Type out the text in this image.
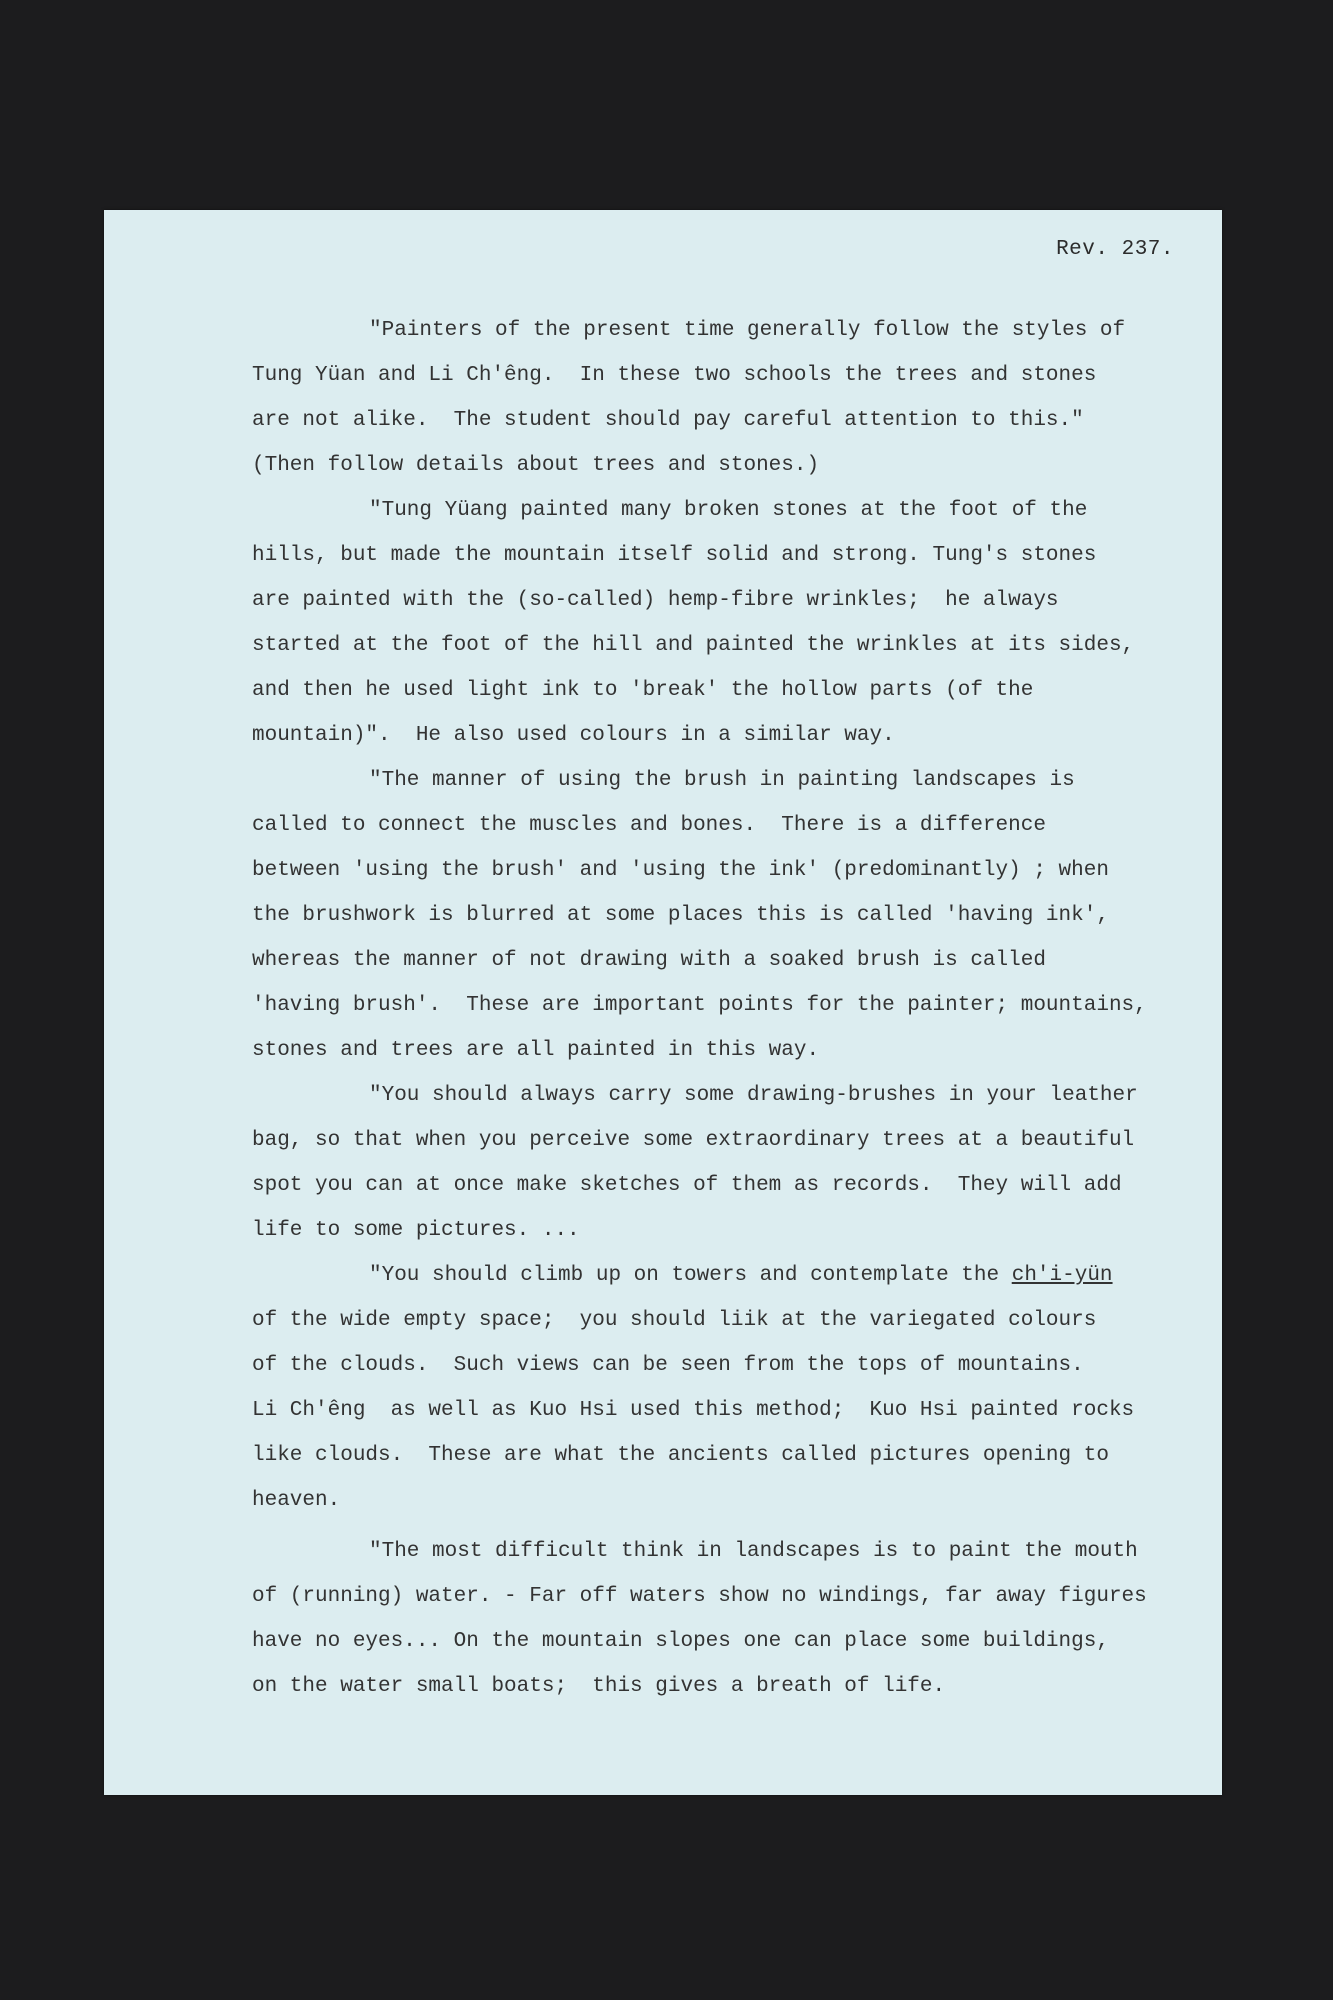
Rev. 237.
"Painters of the present time generally follow the styles of
Tung Yüan and Li Ch'êng.  In these two schools the trees and stones
are not alike.  The student should pay careful attention to this."
(Then follow details about trees and stones.)
"Tung Yüang painted many broken stones at the foot of the
hills, but made the mountain itself solid and strong. Tung's stones
are painted with the (so-called) hemp-fibre wrinkles;  he always
started at the foot of the hill and painted the wrinkles at its sides,
and then he used light ink to 'break' the hollow parts (of the
mountain)".  He also used colours in a similar way.
"The manner of using the brush in painting landscapes is
called to connect the muscles and bones.  There is a difference
between 'using the brush' and 'using the ink' (predominantly) ; when
the brushwork is blurred at some places this is called 'having ink',
whereas the manner of not drawing with a soaked brush is called
'having brush'.  These are important points for the painter; mountains,
stones and trees are all painted in this way.
"You should always carry some drawing-brushes in your leather
bag, so that when you perceive some extraordinary trees at a beautiful
spot you can at once make sketches of them as records.  They will add
life to some pictures. ...
"You should climb up on towers and contemplate the ch'i-yün
of the wide empty space;  you should liik at the variegated colours
of the clouds.  Such views can be seen from the tops of mountains.
Li Ch'êng  as well as Kuo Hsi used this method;  Kuo Hsi painted rocks
like clouds.  These are what the ancients called pictures opening to
heaven.
"The most difficult think in landscapes is to paint the mouth
of (running) water. - Far off waters show no windings, far away figures
have no eyes... On the mountain slopes one can place some buildings,
on the water small boats;  this gives a breath of life.
